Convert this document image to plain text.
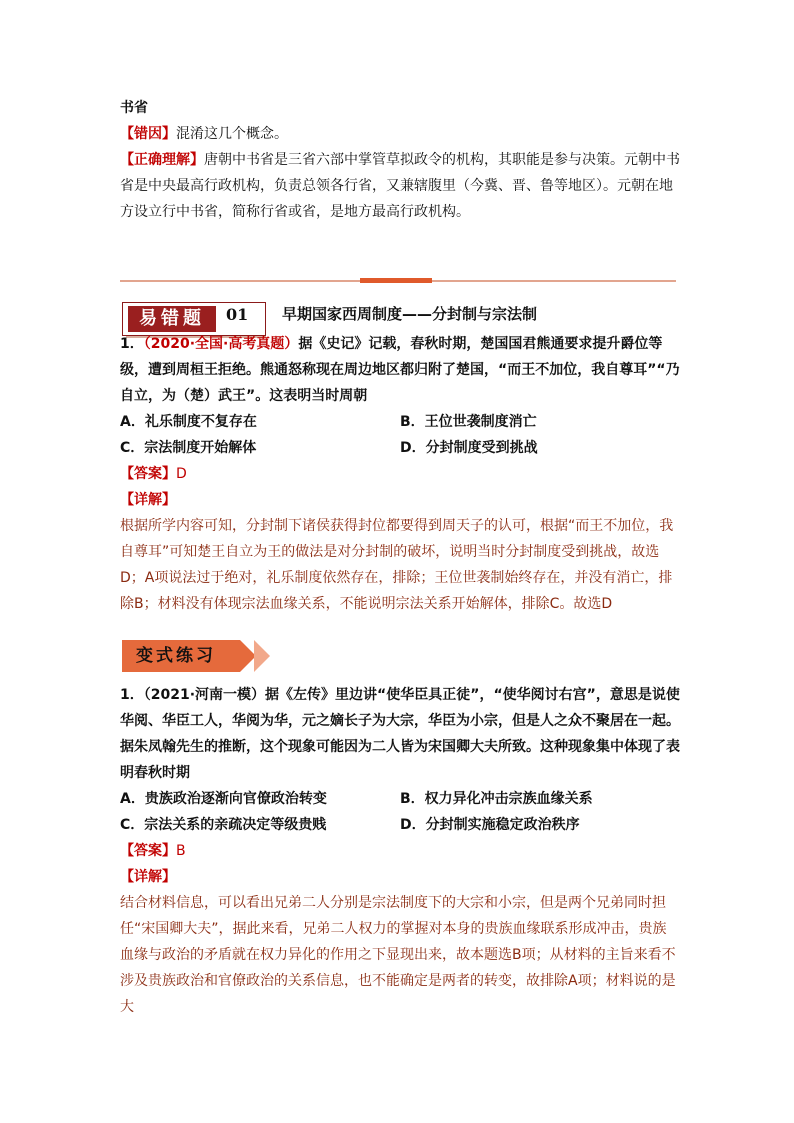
书省
【错因】混淆这几个概念。
【正确理解】唐朝中书省是三省六部中掌管草拟政令的机构，其职能是参与决策。元朝中书省是中央最高行政机构，负责总领各行省，又兼辖腹里（今冀、晋、鲁等地区）。元朝在地方设立行中书省，简称行省或省，是地方最高行政机构。
易错题	01 早期国家西周制度——分封制与宗法制
1．（2020·全国·高考真题）据《史记》记载，春秋时期，楚国国君熊通要求提升爵位等级，遭到周桓王拒绝。熊通怒称现在周边地区都归附了楚国，“而王不加位，我自尊耳”“乃自立，为（楚）武王”。这表明当时周朝
A．礼乐制度不复存在	B．王位世袭制度消亡
C．宗法制度开始解体	D．分封制度受到挑战
【答案】D
【详解】
根据所学内容可知，分封制下诸侯获得封位都要得到周天子的认可，根据“而王不加位，我自尊耳”可知楚王自立为王的做法是对分封制的破坏，说明当时分封制度受到挑战，故选D；A项说法过于绝对，礼乐制度依然存在，排除；王位世袭制始终存在，并没有消亡，排除B；材料没有体现宗法血缘关系，不能说明宗法关系开始解体，排除C。故选D
变式练习
1．（2021·河南一模）据《左传》里边讲“使华臣具正徒”，“使华阅讨右宫”，意思是说使华阅、华臣工人，华阅为华，元之嫡长子为大宗，华臣为小宗，但是人之众不聚居在一起。据朱凤翰先生的推断，这个现象可能因为二人皆为宋国卿大夫所致。这种现象集中体现了表明春秋时期
A．贵族政治逐渐向官僚政治转变	B．权力异化冲击宗族血缘关系
C．宗法关系的亲疏决定等级贵贱	D．分封制实施稳定政治秩序
【答案】B
【详解】
结合材料信息，可以看出兄弟二人分别是宗法制度下的大宗和小宗，但是两个兄弟同时担任“宋国卿大夫”，据此来看，兄弟二人权力的掌握对本身的贵族血缘联系形成冲击，贵族血缘与政治的矛盾就在权力异化的作用之下显现出来，故本题选B项；从材料的主旨来看不涉及贵族政治和官僚政治的关系信息，也不能确定是两者的转变，故排除A项；材料说的是大
